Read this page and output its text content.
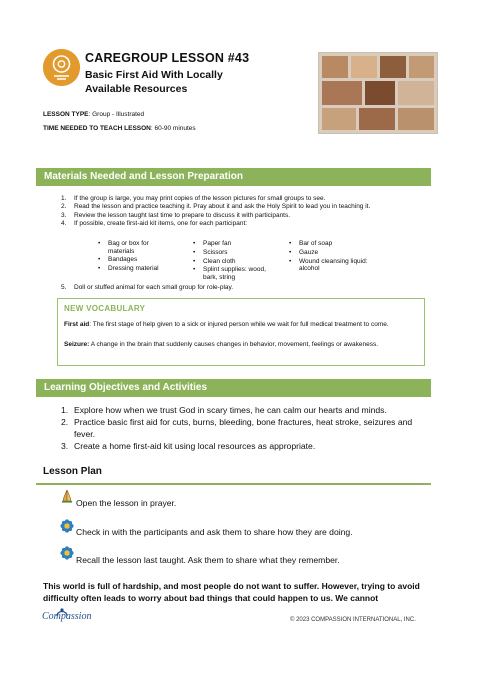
CAREGROUP LESSON #43
Basic First Aid With Locally
Available Resources
LESSON TYPE: Group - Illustrated
TIME NEEDED TO TEACH LESSON: 60-90 minutes
Materials Needed and Lesson Preparation
1. If the group is large, you may print copies of the lesson pictures for small groups to see.
2. Read the lesson and practice teaching it. Pray about it and ask the Holy Spirit to lead you in teaching it.
3. Review the lesson taught last time to prepare to discuss it with participants.
4. If possible, create first-aid kit items, one for each participant:
• Bag or box for materials
• Bandages
• Dressing material
• Paper fan
• Scissors
• Clean cloth
• Splint supplies: wood, bark, string
• Bar of soap
• Gauze
• Wound cleansing liquid: alcohol
5. Doll or stuffed animal for each small group for role-play.
NEW VOCABULARY
First aid: The first stage of help given to a sick or injured person while we wait for full medical treatment to come.
Seizure: A change in the brain that suddenly causes changes in behavior, movement, feelings or awakeness.
Learning Objectives and Activities
1. Explore how when we trust God in scary times, he can calm our hearts and minds.
2. Practice basic first aid for cuts, burns, bleeding, bone fractures, heat stroke, seizures and fever.
3. Create a home first-aid kit using local resources as appropriate.
Lesson Plan
Open the lesson in prayer.
Check in with the participants and ask them to share how they are doing.
Recall the lesson last taught. Ask them to share what they remember.
This world is full of hardship, and most people do not want to suffer. However, trying to avoid difficulty often leads to worry about bad things that could happen to us. We cannot
Compassion	© 2023 COMPASSION INTERNATIONAL, INC.
